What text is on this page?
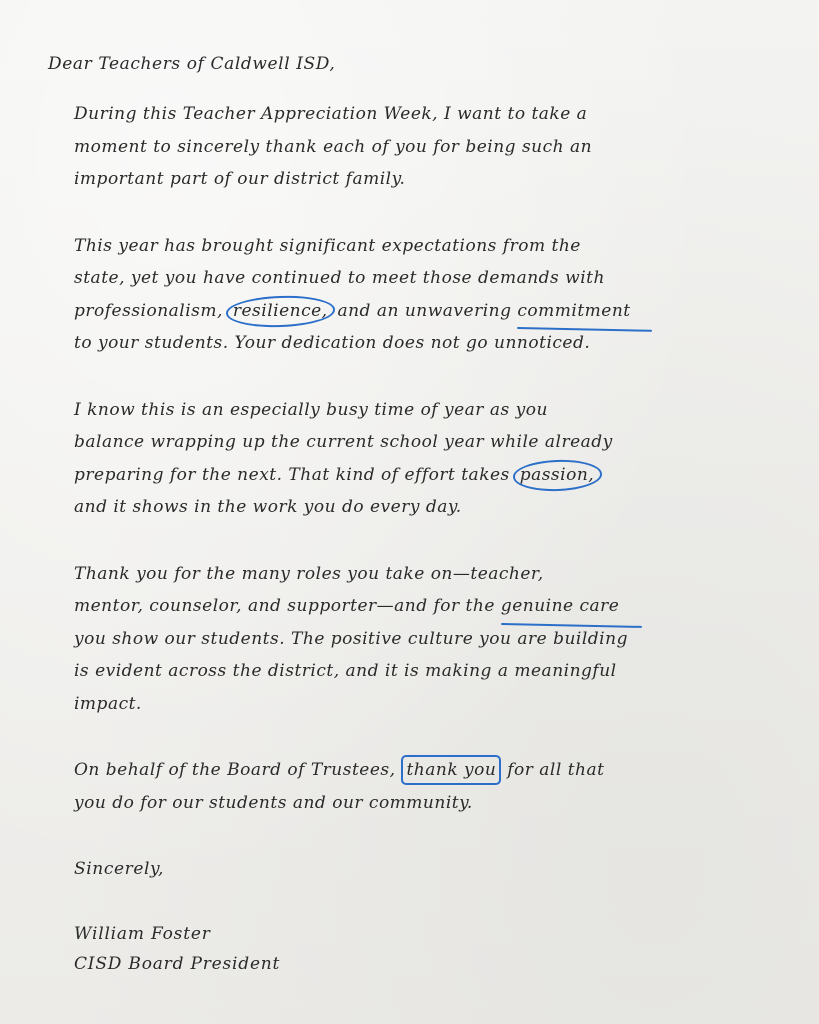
Dear Teachers of Caldwell ISD,
During this Teacher Appreciation Week, I want to take a
moment to sincerely thank each of you for being such an
important part of our district family.
This year has brought significant expectations from the
state, yet you have continued to meet those demands with
professionalism, resilience, and an unwavering commitment
to your students. Your dedication does not go unnoticed.
I know this is an especially busy time of year as you
balance wrapping up the current school year while already
preparing for the next. That kind of effort takes passion,
and it shows in the work you do every day.
Thank you for the many roles you take on—teacher,
mentor, counselor, and supporter—and for the genuine care
you show our students. The positive culture you are building
is evident across the district, and it is making a meaningful
impact.
On behalf of the Board of Trustees, thank you for all that
you do for our students and our community.
Sincerely,
William Foster
CISD Board President
